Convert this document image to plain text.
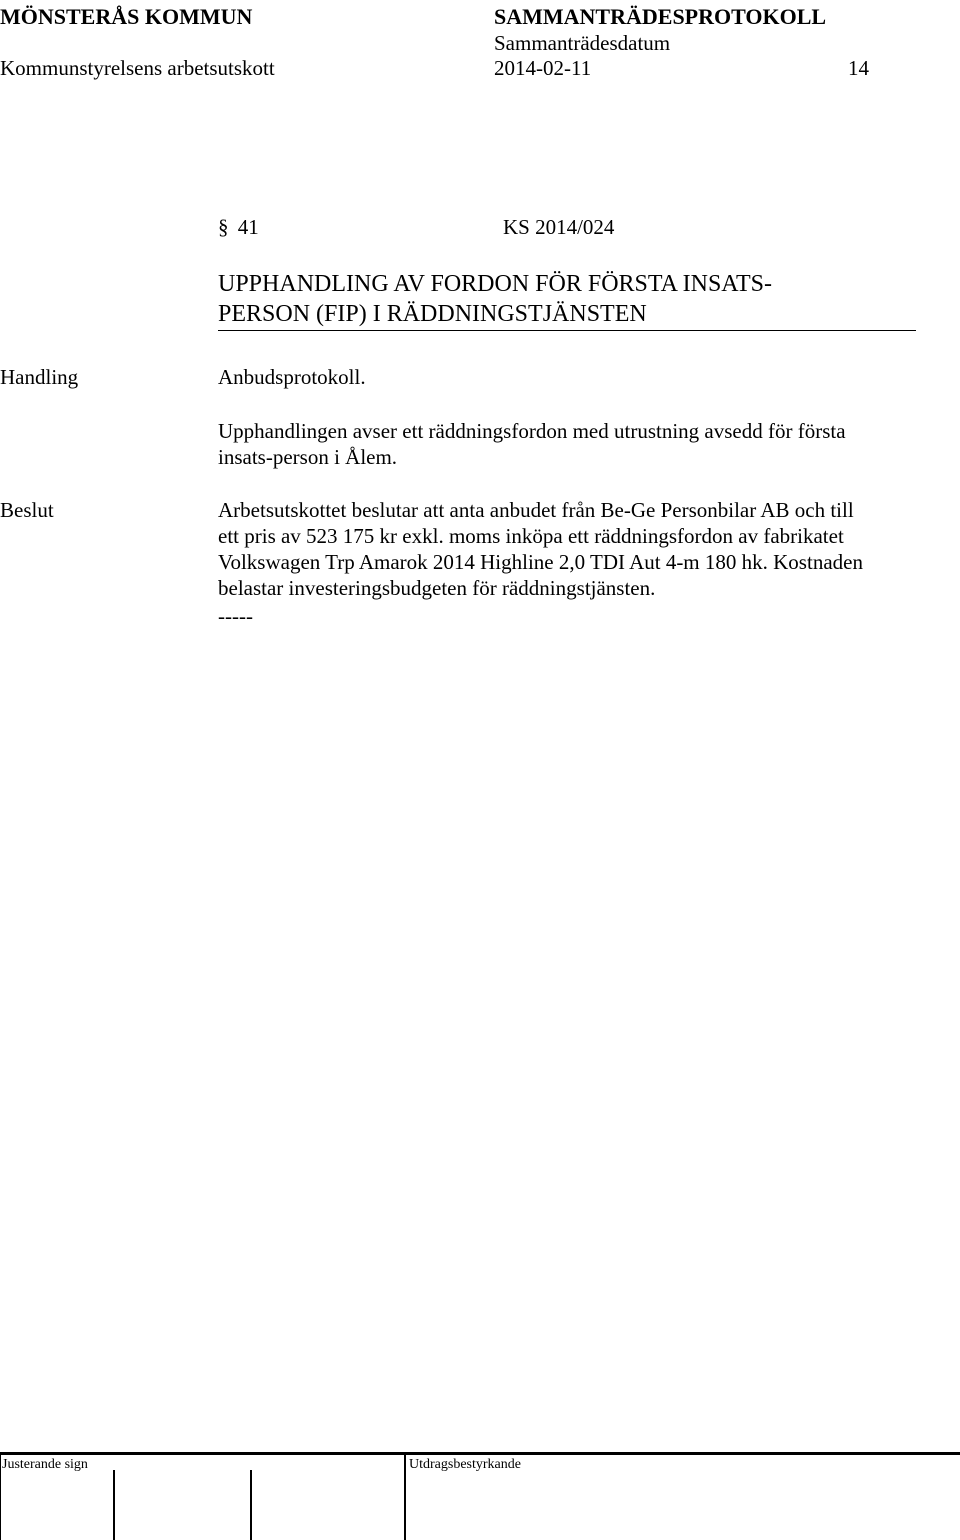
MÖNSTERÅS KOMMUN	SAMMANTRÄDESPROTOKOLL
Sammanträdesdatum
Kommunstyrelsens arbetsutskott	2014-02-11	14
§ 41	KS 2014/024
UPPHANDLING AV FORDON FÖR FÖRSTA INSATS-
PERSON (FIP) I RÄDDNINGSTJÄNSTEN
Handling	Anbudsprotokoll.
Upphandlingen avser ett räddningsfordon med utrustning avsedd för första
insats-person i Ålem.
Beslut	Arbetsutskottet beslutar att anta anbudet från Be-Ge Personbilar AB och till
ett pris av 523 175 kr exkl. moms inköpa ett räddningsfordon av fabrikatet
Volkswagen Trp Amarok 2014 Highline 2,0 TDI Aut 4-m 180 hk. Kostnaden
belastar investeringsbudgeten för räddningstjänsten.
-----
Justerande sign	Utdragsbestyrkande
